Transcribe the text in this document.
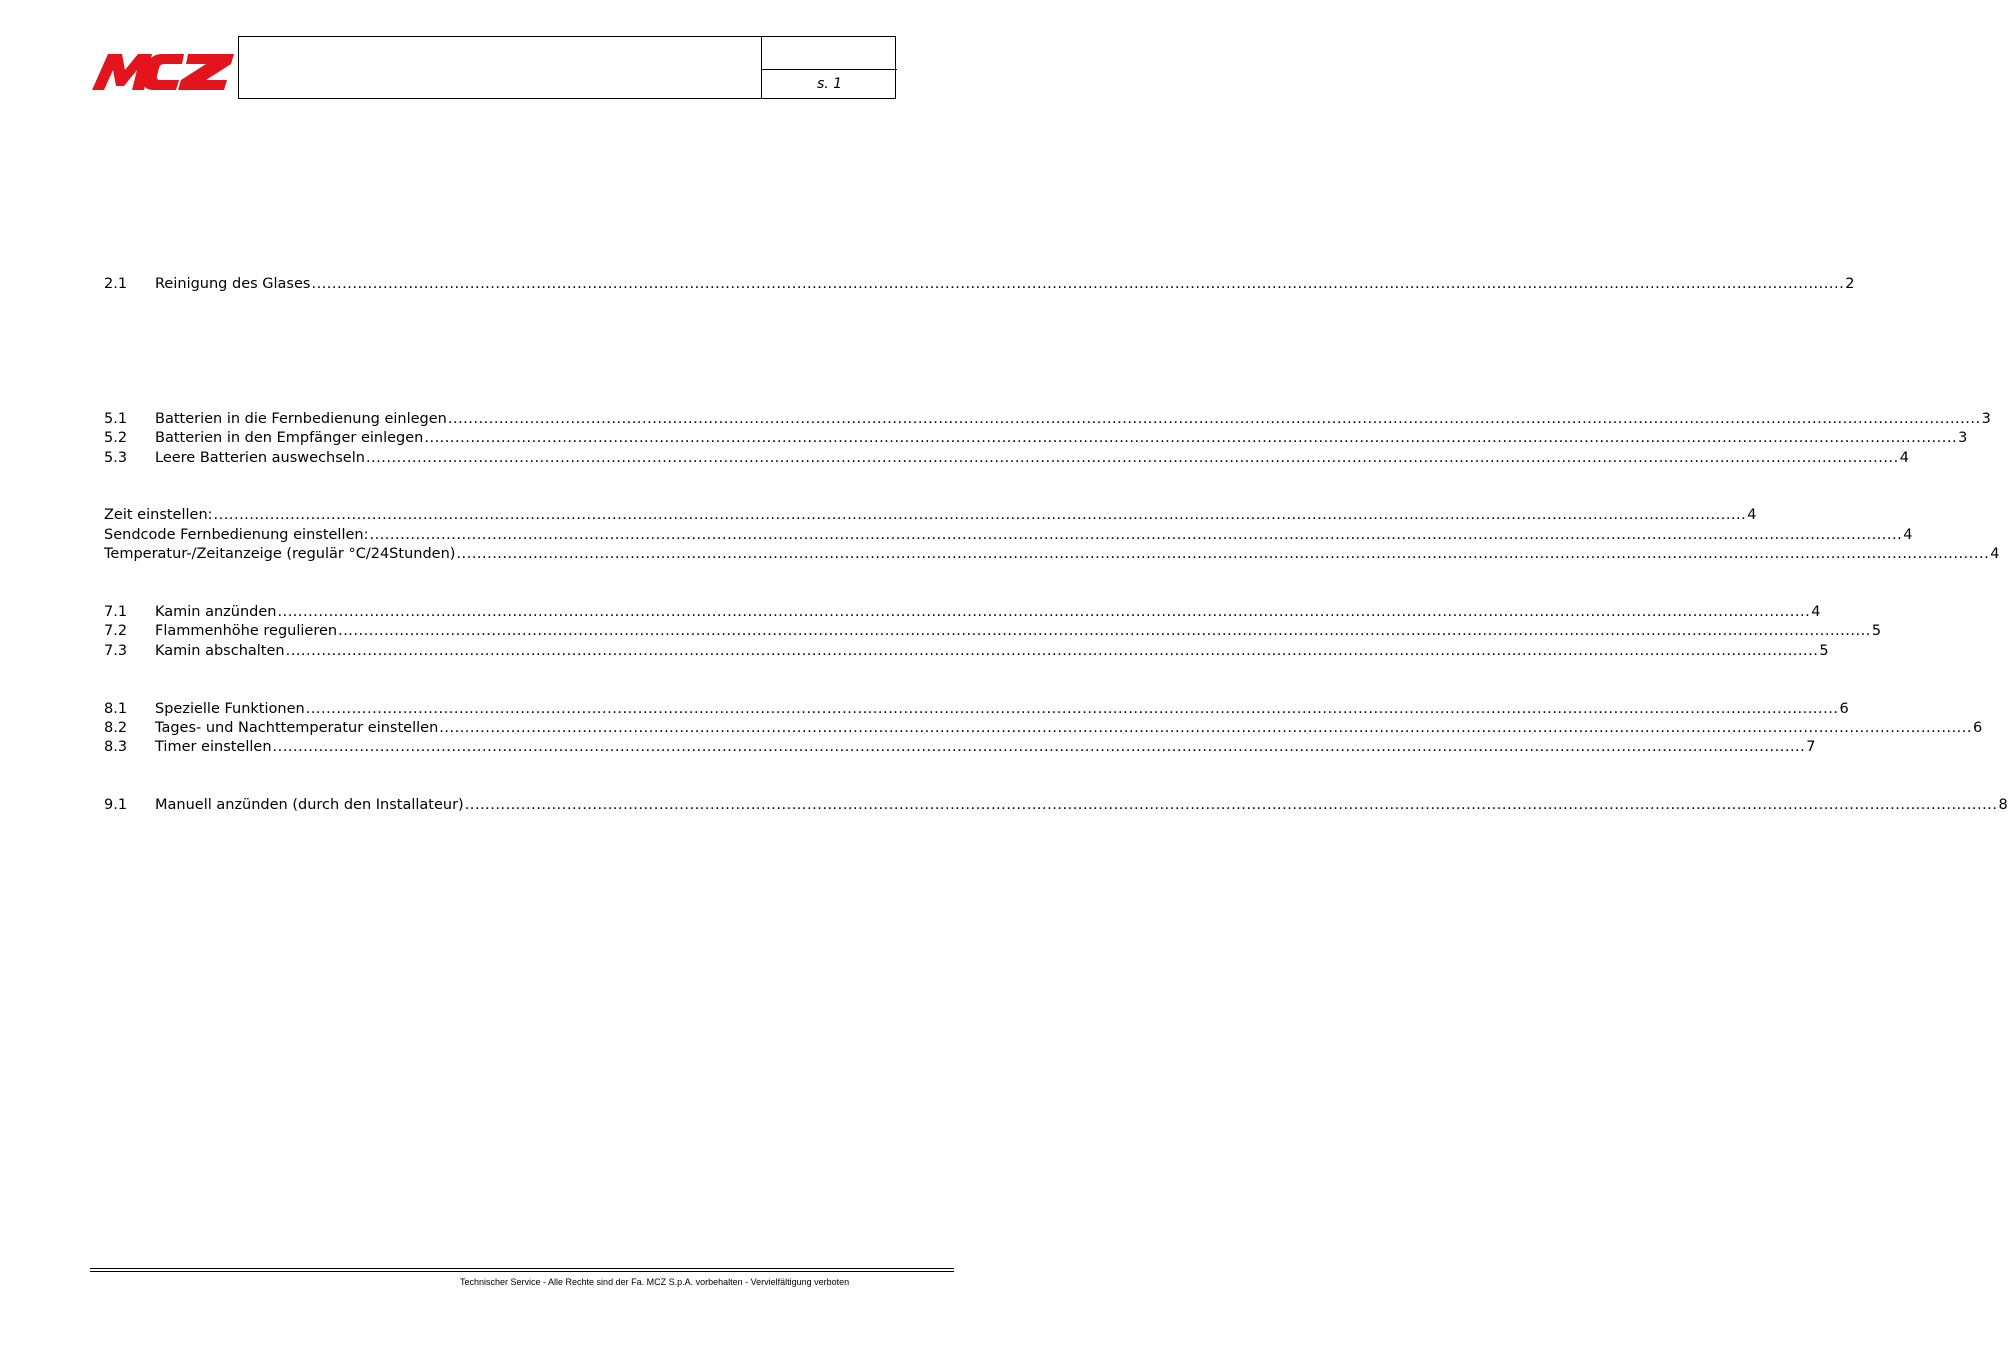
s. 1
2.1	Reinigung des Glases ............................................................................................................................................................................................................................................................................................................ 2
5.1	Batterien in die Fernbedienung einlegen ............................................................................................................................................................................................................................................................................................................ 3
5.2	Batterien in den Empfänger einlegen ............................................................................................................................................................................................................................................................................................................ 3
5.3	Leere Batterien auswechseln ............................................................................................................................................................................................................................................................................................................ 4
Zeit einstellen: ............................................................................................................................................................................................................................................................................................................ 4
Sendcode Fernbedienung einstellen: ............................................................................................................................................................................................................................................................................................................ 4
Temperatur-/Zeitanzeige (regulär °C/24Stunden) ............................................................................................................................................................................................................................................................................................................ 4
7.1	Kamin anzünden ............................................................................................................................................................................................................................................................................................................ 4
7.2	Flammenhöhe regulieren ............................................................................................................................................................................................................................................................................................................ 5
7.3	Kamin abschalten ............................................................................................................................................................................................................................................................................................................ 5
8.1	Spezielle Funktionen ............................................................................................................................................................................................................................................................................................................ 6
8.2	Tages- und Nachttemperatur einstellen ............................................................................................................................................................................................................................................................................................................ 6
8.3	Timer einstellen ............................................................................................................................................................................................................................................................................................................ 7
9.1	Manuell anzünden (durch den Installateur) ............................................................................................................................................................................................................................................................................................................ 8
Technischer Service - Alle Rechte sind der Fa. MCZ S.p.A. vorbehalten - Vervielfältigung verboten
